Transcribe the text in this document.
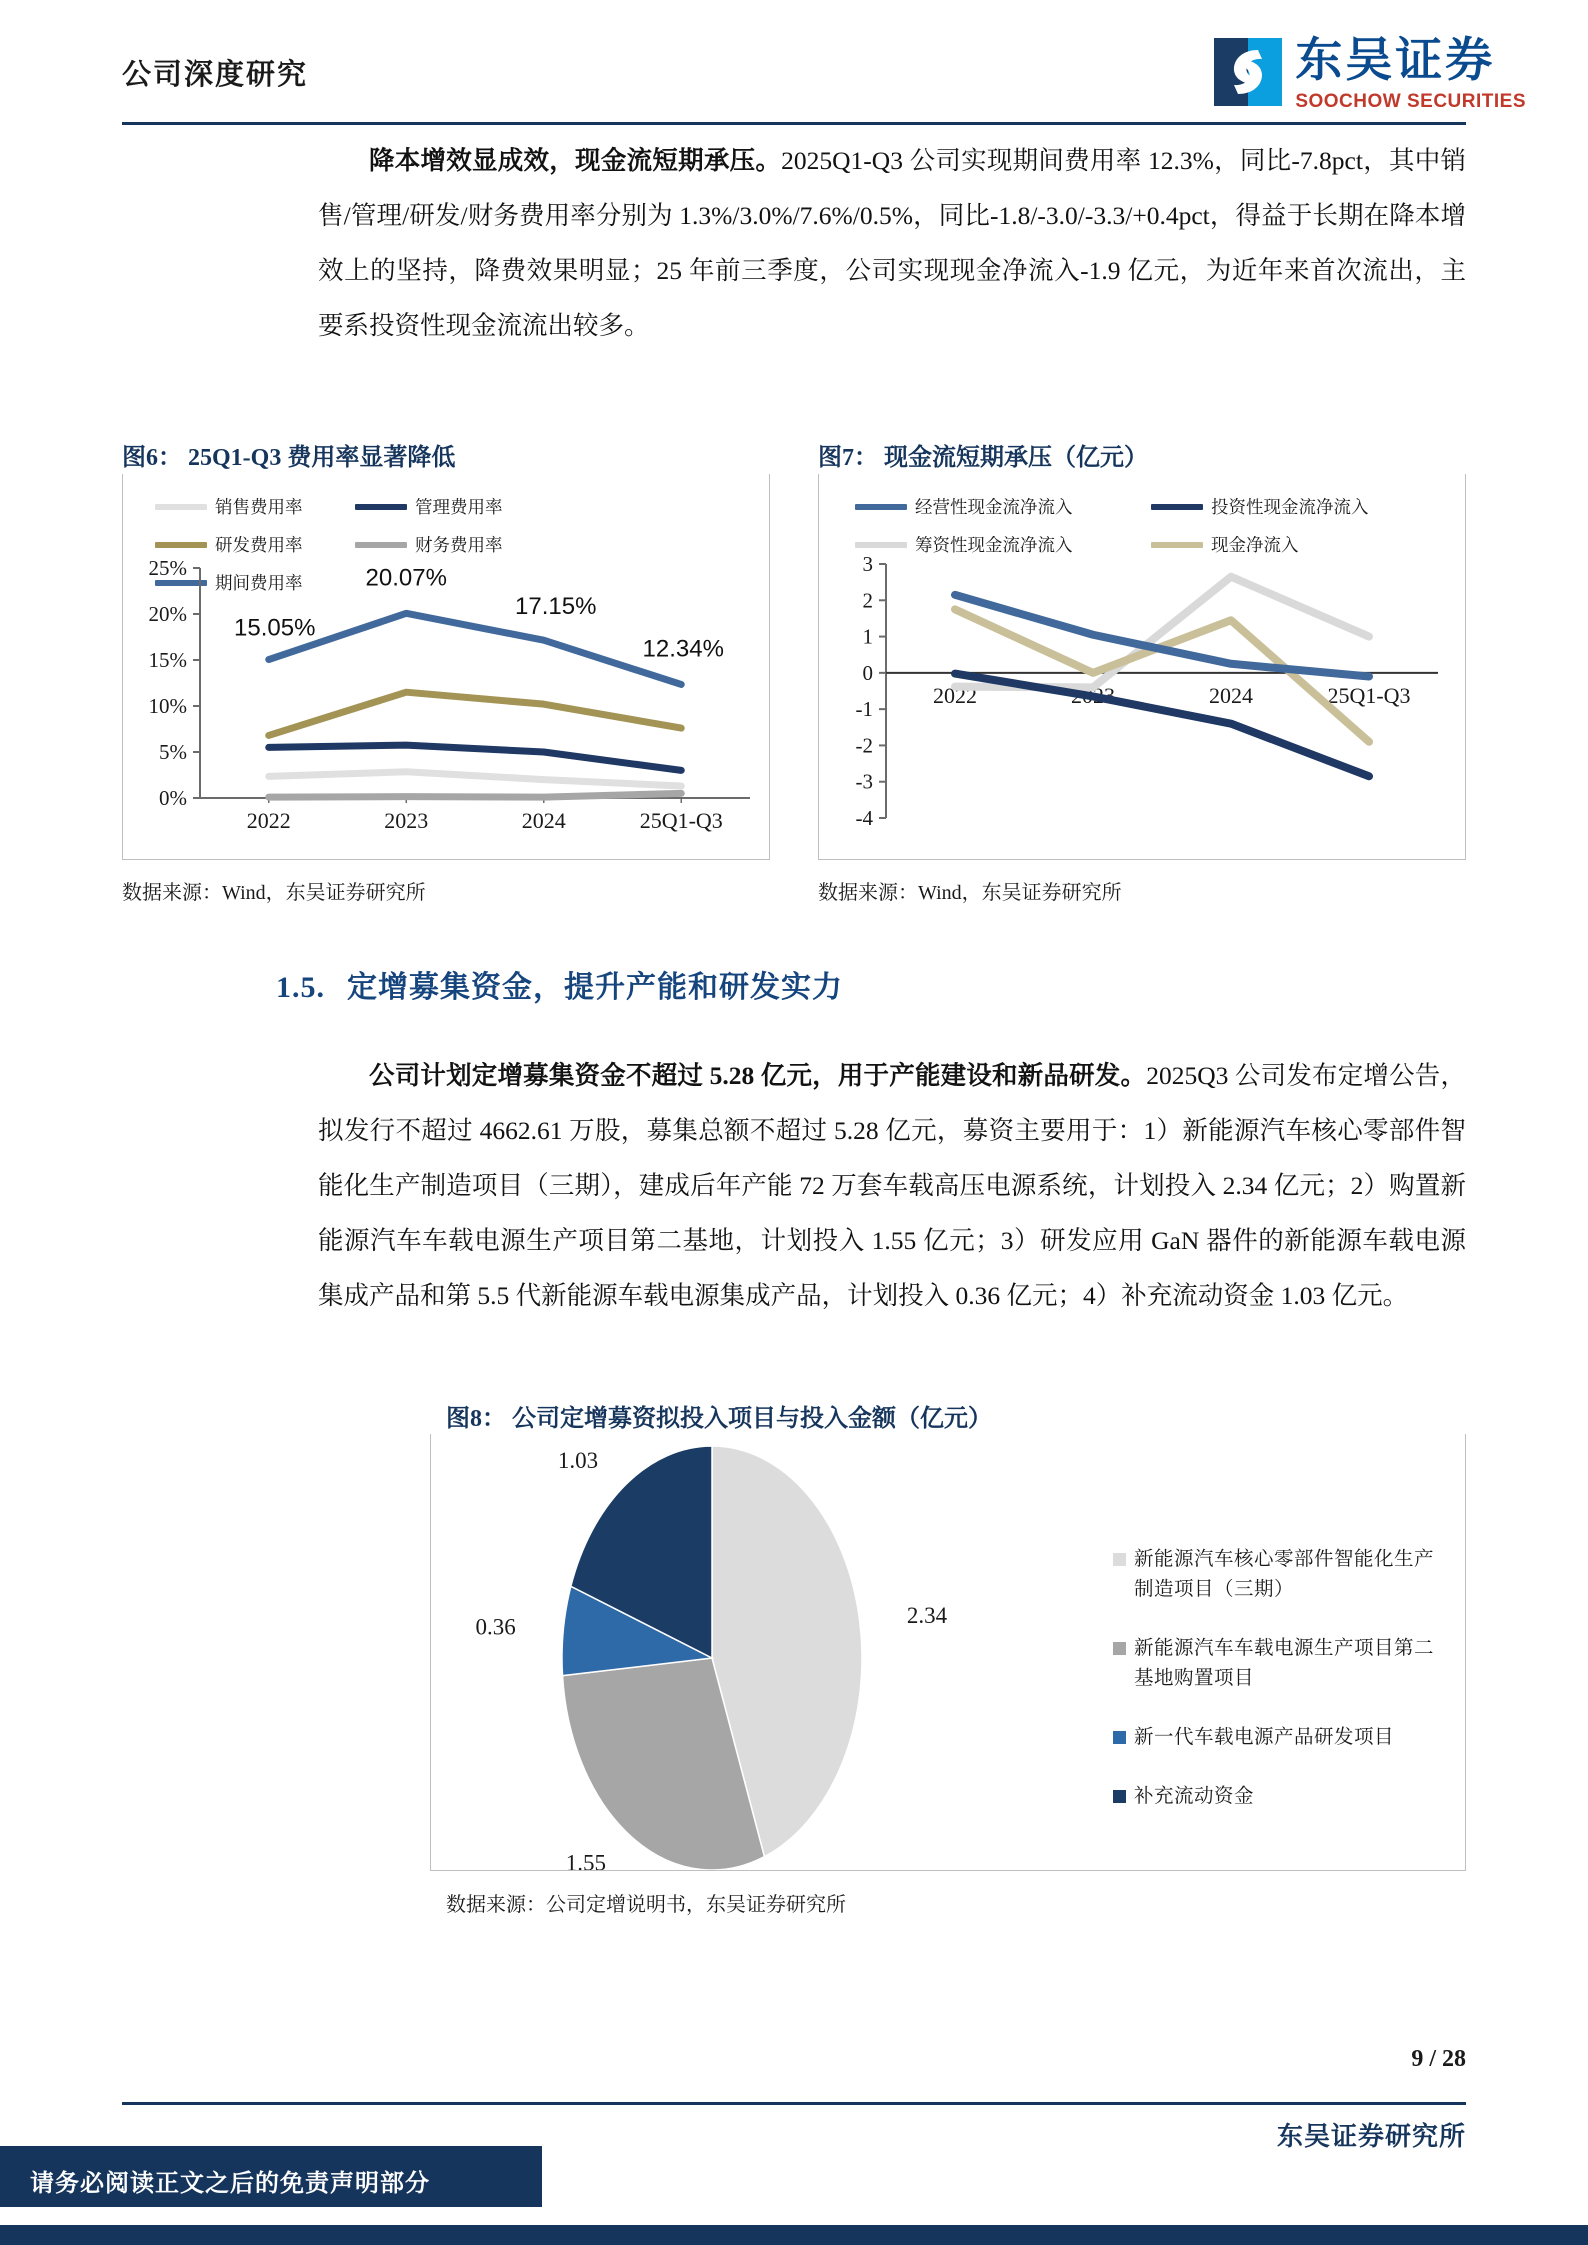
公司深度研究	东吴证券
SOOCHOW SECURITIES
降本增效显成效，现金流短期承压。2025Q1-Q3 公司实现期间费用率 12.3%，同比-7.8pct，其中销售/管理/研发/财务费用率分别为 1.3%/3.0%/7.6%/0.5%，同比-1.8/-3.0/-3.3/+0.4pct，得益于长期在降本增效上的坚持，降费效果明显；25 年前三季度，公司实现现金净流入-1.9 亿元，为近年来首次流出，主要系投资性现金流流出较多。
图6： 25Q1-Q3 费用率显著降低
销售费用率	管理费用率
研发费用率	财务费用率
期间费用率
0%
5%
10%
15%
20%
25%
2022	2023	2024	25Q1-Q3
15.05%
20.07%
17.15%
12.34%
数据来源：Wind，东吴证券研究所
图7： 现金流短期承压（亿元）
经营性现金流净流入	投资性现金流净流入
筹资性现金流净流入	现金净流入
-4
-3
-2
-1
0
1
2
3
2022	2023	2024	25Q1-Q3
数据来源：Wind，东吴证券研究所
1.5. 定增募集资金，提升产能和研发实力
公司计划定增募集资金不超过 5.28 亿元，用于产能建设和新品研发。2025Q3 公司发布定增公告，拟发行不超过 4662.61 万股，募集总额不超过 5.28 亿元，募资主要用于：1）新能源汽车核心零部件智能化生产制造项目（三期），建成后年产能 72 万套车载高压电源系统，计划投入 2.34 亿元；2）购置新能源汽车车载电源生产项目第二基地，计划投入 1.55 亿元；3）研发应用 GaN 器件的新能源车载电源集成产品和第 5.5 代新能源车载电源集成产品，计划投入 0.36 亿元；4）补充流动资金 1.03 亿元。
图8： 公司定增募资拟投入项目与投入金额（亿元）
2.34
1.55
0.36
1.03
新能源汽车核心零部件智能化生产制造项目（三期）
新能源汽车车载电源生产项目第二基地购置项目
新一代车载电源产品研发项目
补充流动资金
数据来源：公司定增说明书，东吴证券研究所
9 / 28
东吴证券研究所
请务必阅读正文之后的免责声明部分
